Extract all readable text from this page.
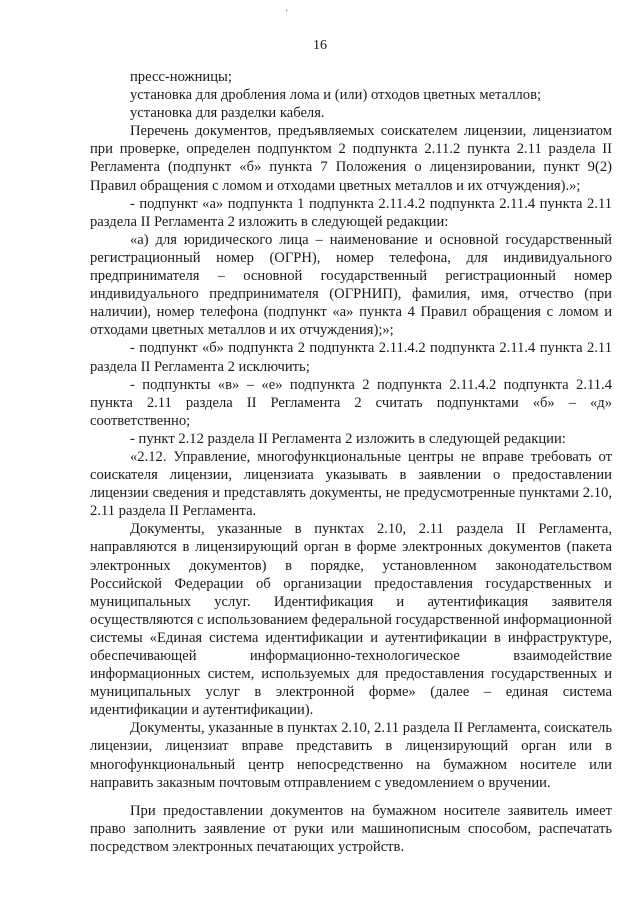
'
16

пресс-ножницы;

установка для дробления лома и (или) отходов цветных металлов;

установка для разделки кабеля.

Перечень документов, предъявляемых соискателем лицензии, лицензиатом при проверке, определен подпунктом 2 подпункта 2.11.2 пункта 2.11 раздела II Регламента (подпункт «б» пункта 7 Положения о лицензировании, пункт 9(2) Правил обращения с ломом и отходами цветных металлов и их отчуждения).»;

- подпункт «а» подпункта 1 подпункта 2.11.4.2 подпункта 2.11.4 пункта 2.11 раздела II Регламента 2 изложить в следующей редакции:

«а) для юридического лица – наименование и основной государственный регистрационный номер (ОГРН), номер телефона, для индивидуального предпринимателя – основной государственный регистрационный номер индивидуального предпринимателя (ОГРНИП), фамилия, имя, отчество (при наличии), номер телефона (подпункт «а» пункта 4 Правил обращения с ломом и отходами цветных металлов и их отчуждения);»;

- подпункт «б» подпункта 2 подпункта 2.11.4.2 подпункта 2.11.4 пункта 2.11 раздела II Регламента 2 исключить;

- подпункты «в» – «е» подпункта 2 подпункта 2.11.4.2 подпункта 2.11.4 пункта 2.11 раздела II Регламента 2 считать подпунктами «б» – «д» соответственно;

- пункт 2.12 раздела II Регламента 2 изложить в следующей редакции:

«2.12. Управление, многофункциональные центры не вправе требовать от соискателя лицензии, лицензиата указывать в заявлении о предоставлении лицензии сведения и представлять документы, не предусмотренные пунктами 2.10, 2.11 раздела II Регламента.

Документы, указанные в пунктах 2.10, 2.11 раздела II Регламента, направляются в лицензирующий орган в форме электронных документов (пакета электронных документов) в порядке, установленном законодательством Российской Федерации об организации предоставления государственных и муниципальных услуг. Идентификация и аутентификация заявителя осуществляются с использованием федеральной государственной информационной системы «Единая система идентификации и аутентификации в инфраструктуре, обеспечивающей информационно-технологическое взаимодействие информационных систем, используемых для предоставления государственных и муниципальных услуг в электронной форме» (далее – единая система идентификации и аутентификации).

Документы, указанные в пунктах 2.10, 2.11 раздела II Регламента, соискатель лицензии, лицензиат вправе представить в лицензирующий орган или в многофункциональный центр непосредственно на бумажном носителе или направить заказным почтовым отправлением с уведомлением о вручении.

При предоставлении документов на бумажном носителе заявитель имеет право заполнить заявление от руки или машинописным способом, распечатать посредством электронных печатающих устройств.
